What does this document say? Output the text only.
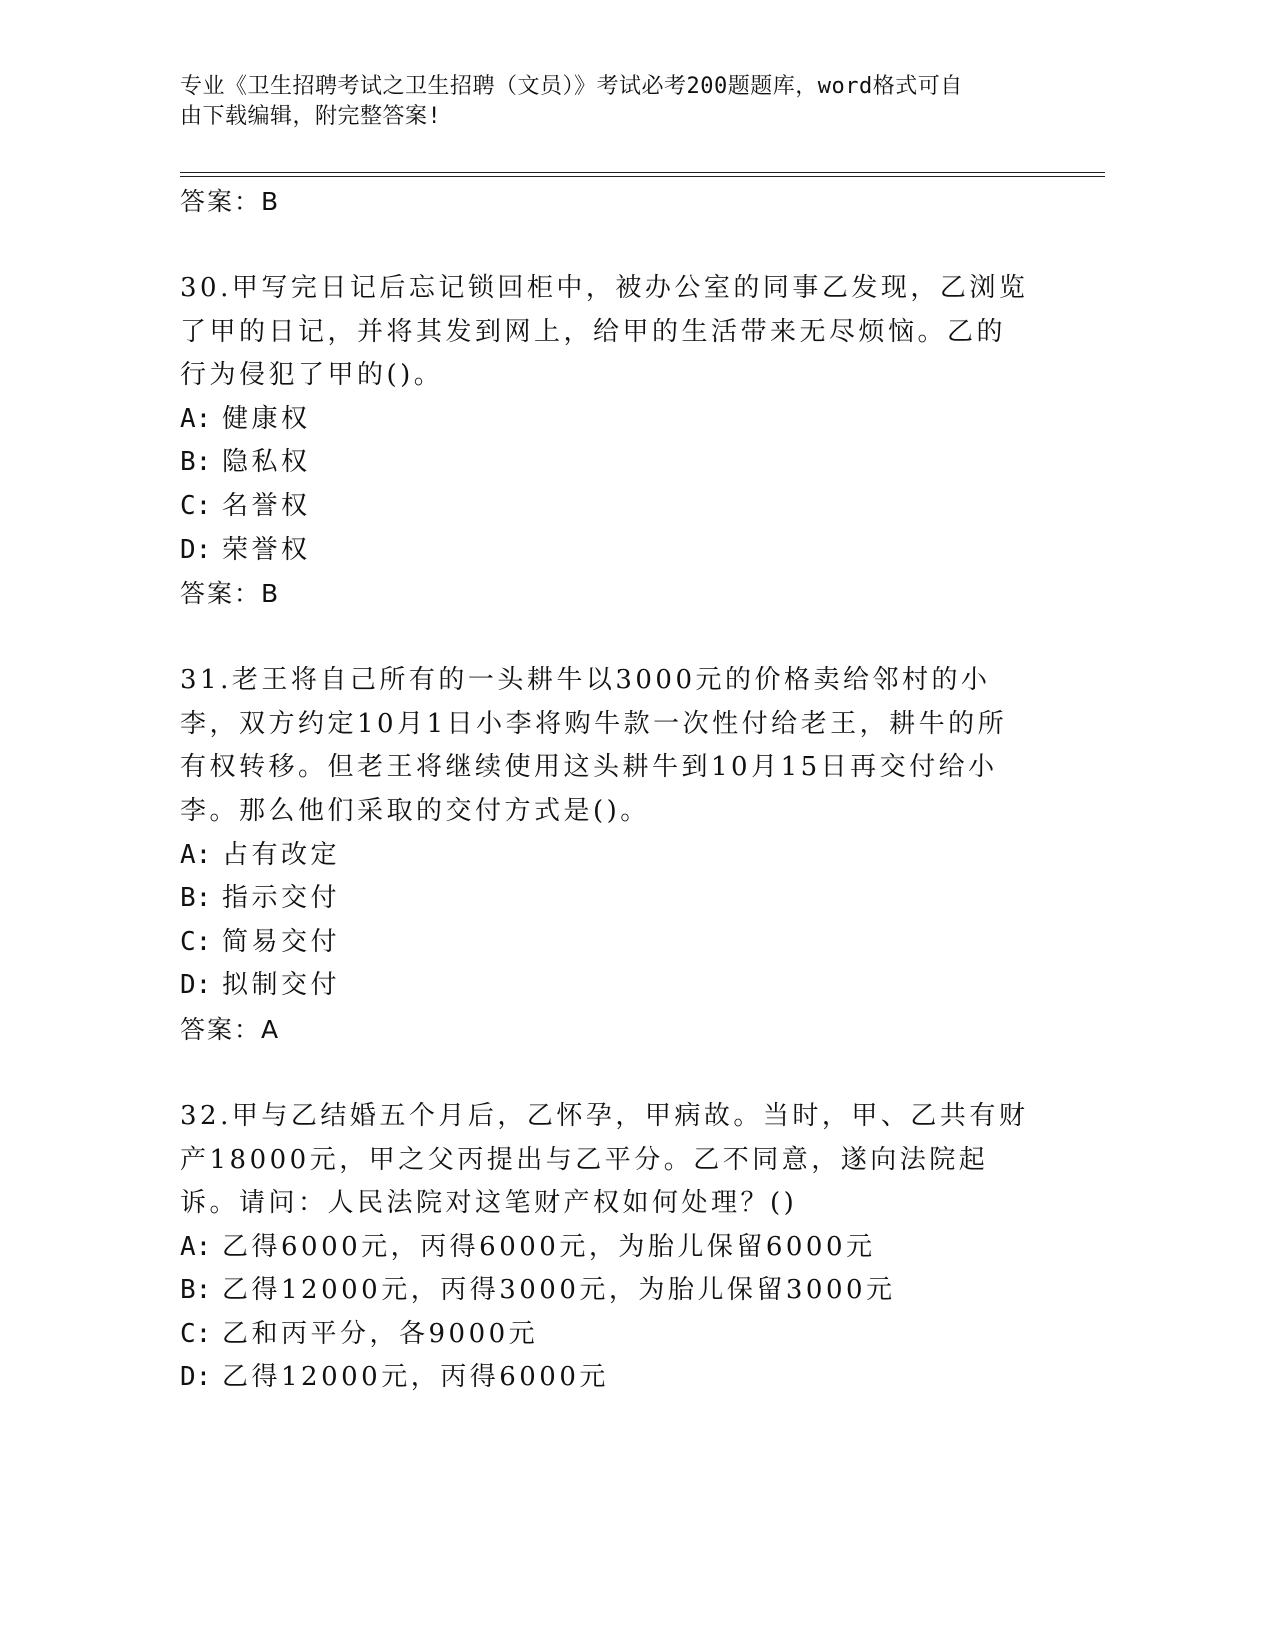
专业《卫生招聘考试之卫生招聘（文员）》考试必考200题题库，word格式可自
由下载编辑，附完整答案!
答案：B
30.甲写完日记后忘记锁回柜中，被办公室的同事乙发现，乙浏览了甲的日记，并将其发到网上，给甲的生活带来无尽烦恼。乙的行为侵犯了甲的()。
A: 健康权
B: 隐私权
C: 名誉权
D: 荣誉权
答案：B
31.老王将自己所有的一头耕牛以3000元的价格卖给邻村的小李，双方约定10月1日小李将购牛款一次性付给老王，耕牛的所有权转移。但老王将继续使用这头耕牛到10月15日再交付给小李。那么他们采取的交付方式是()。
A: 占有改定
B: 指示交付
C: 简易交付
D: 拟制交付
答案：A
32.甲与乙结婚五个月后，乙怀孕，甲病故。当时，甲、乙共有财产18000元，甲之父丙提出与乙平分。乙不同意，遂向法院起诉。请问：人民法院对这笔财产权如何处理？()
A: 乙得6000元，丙得6000元，为胎儿保留6000元
B: 乙得12000元，丙得3000元，为胎儿保留3000元
C: 乙和丙平分，各9000元
D: 乙得12000元，丙得6000元
